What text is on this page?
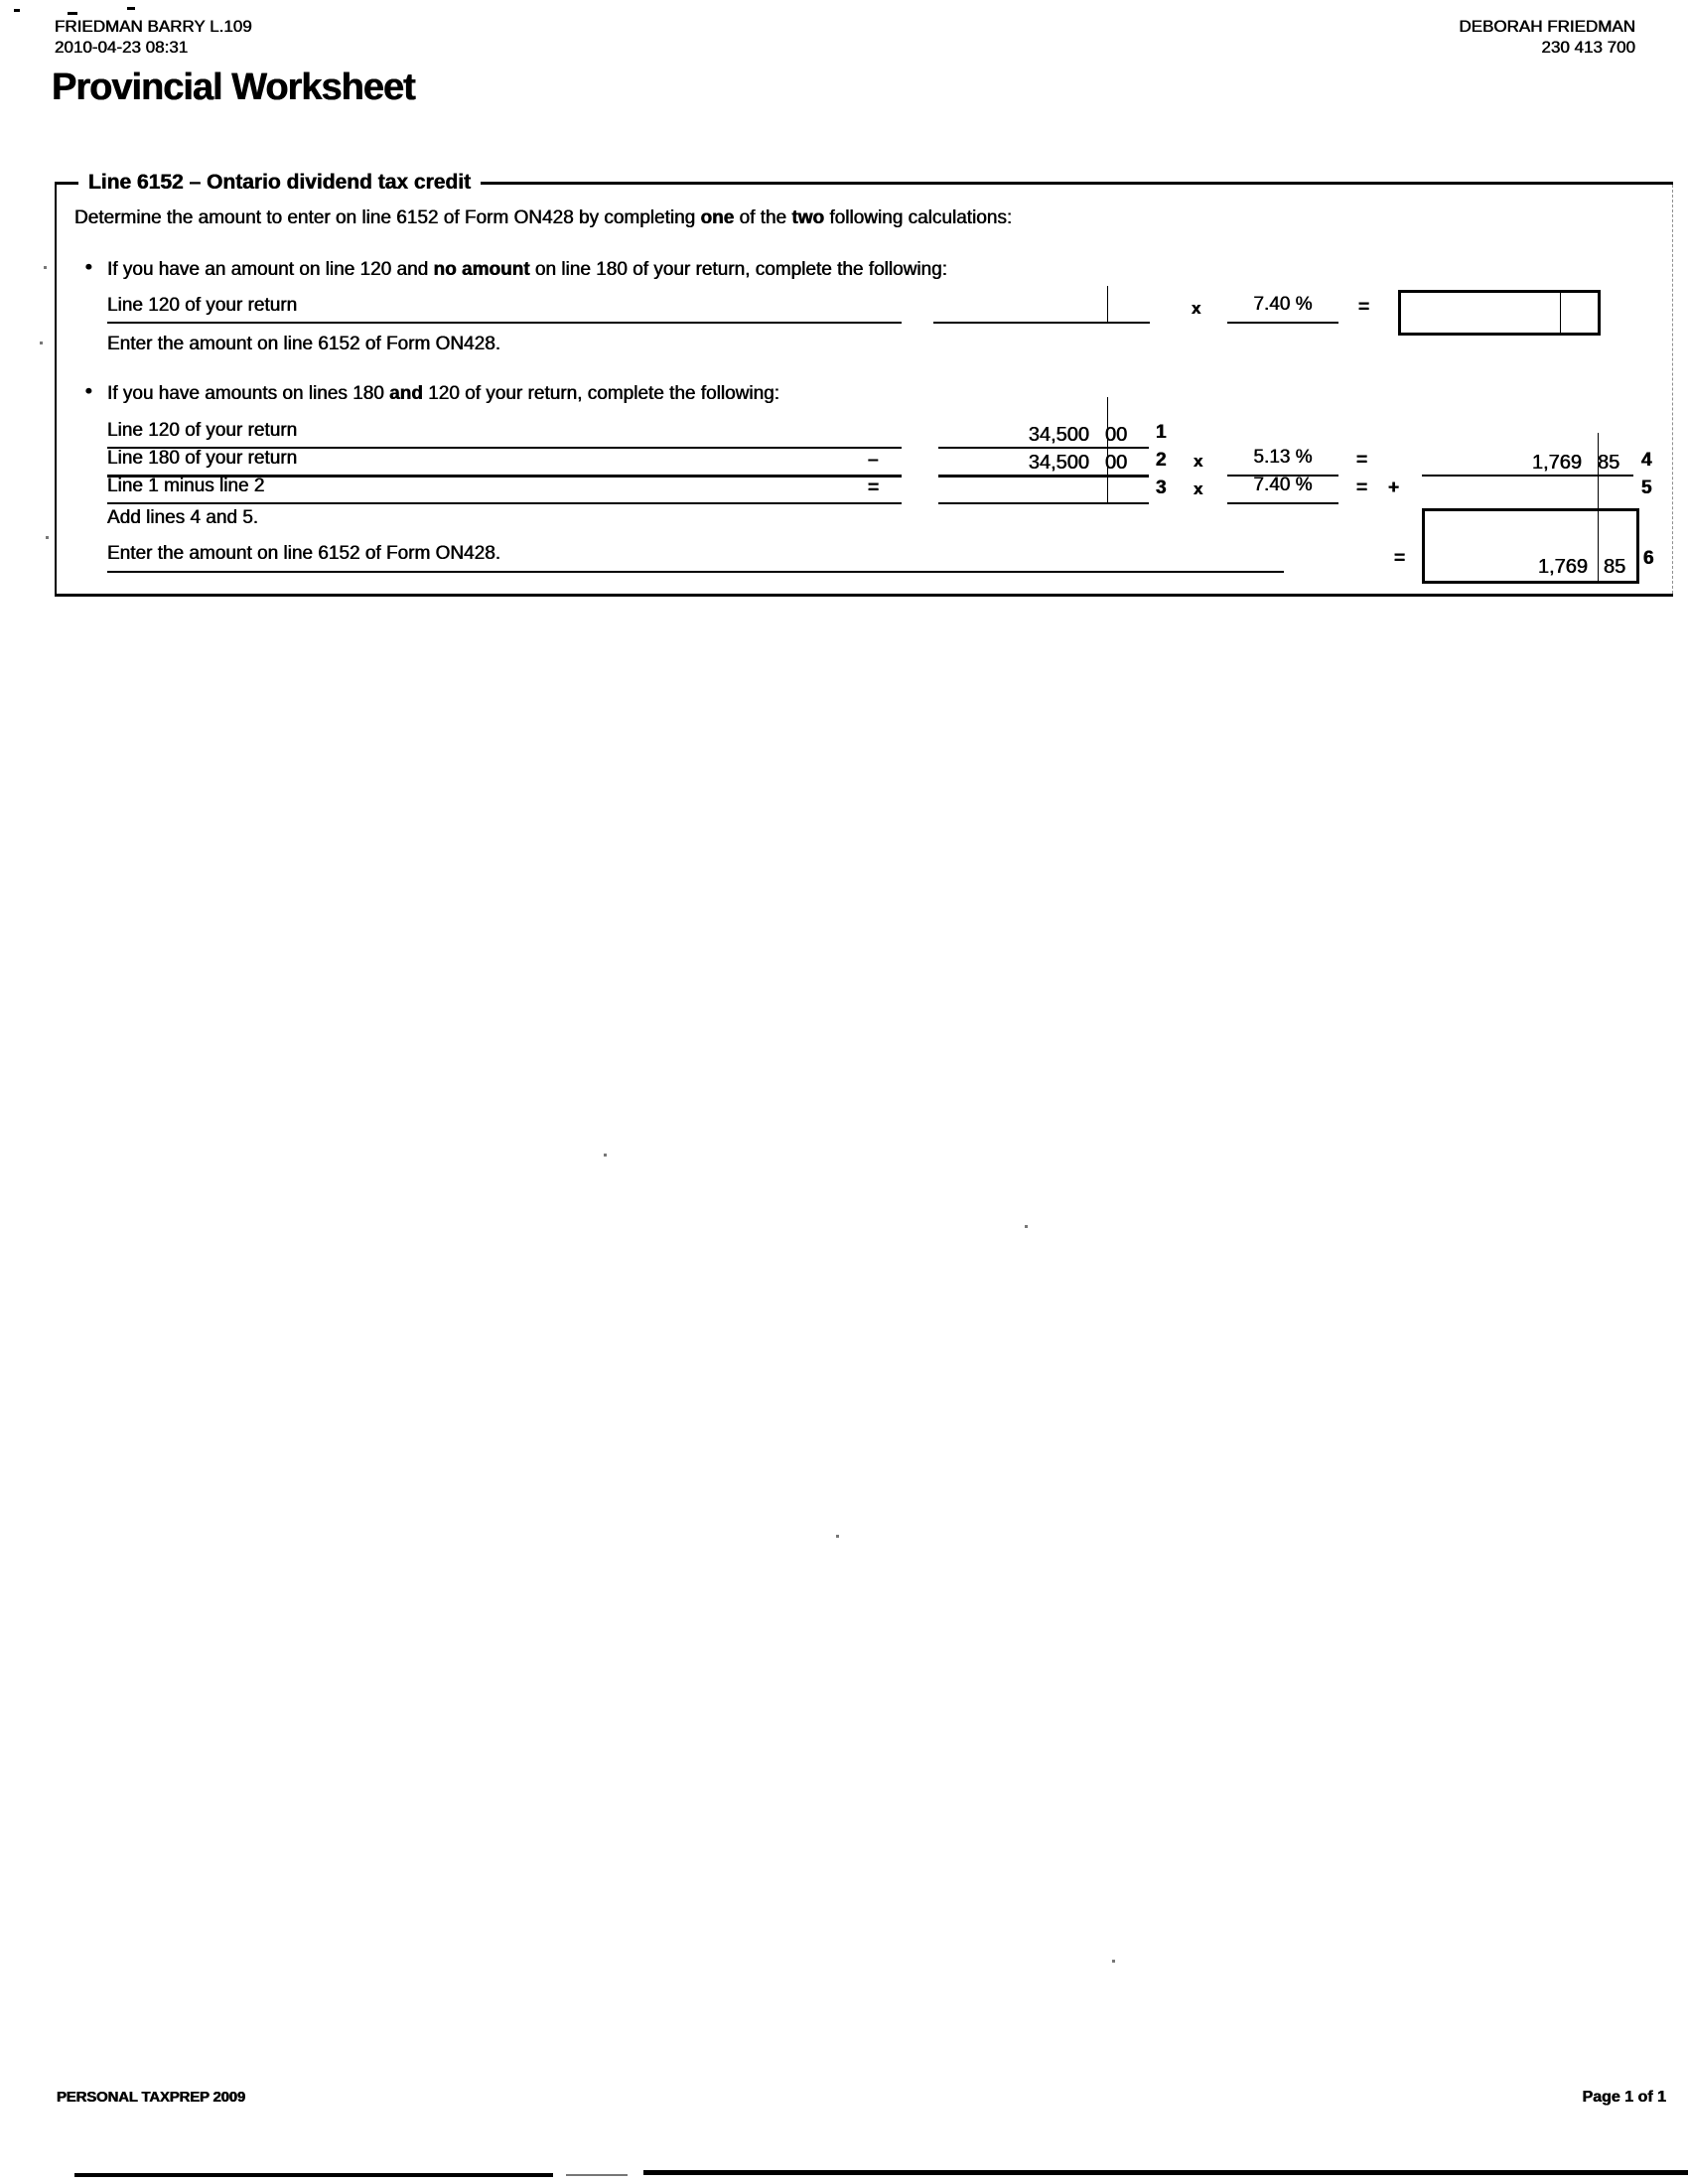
FRIEDMAN BARRY L.109
2010-04-23 08:31
DEBORAH FRIEDMAN
230 413 700
Provincial Worksheet
Line 6152 – Ontario dividend tax credit
Determine the amount to enter on line 6152 of Form ON428 by completing one of the two following calculations:
• If you have an amount on line 120 and no amount on line 180 of your return, complete the following:
Line 120 of your return	x	7.40 %	=
Enter the amount on line 6152 of Form ON428.
• If you have amounts on lines 180 and 120 of your return, complete the following:
Line 120 of your return	34,500 00	1
Line 180 of your return	–	34,500 00	2 x	5.13 %	=	1,769 85	4
Line 1 minus line 2	=	3 x	7.40 %	= +	5
Add lines 4 and 5.
Enter the amount on line 6152 of Form ON428.	=	1,769 85 6
PERSONAL TAXPREP 2009	Page 1 of 1
